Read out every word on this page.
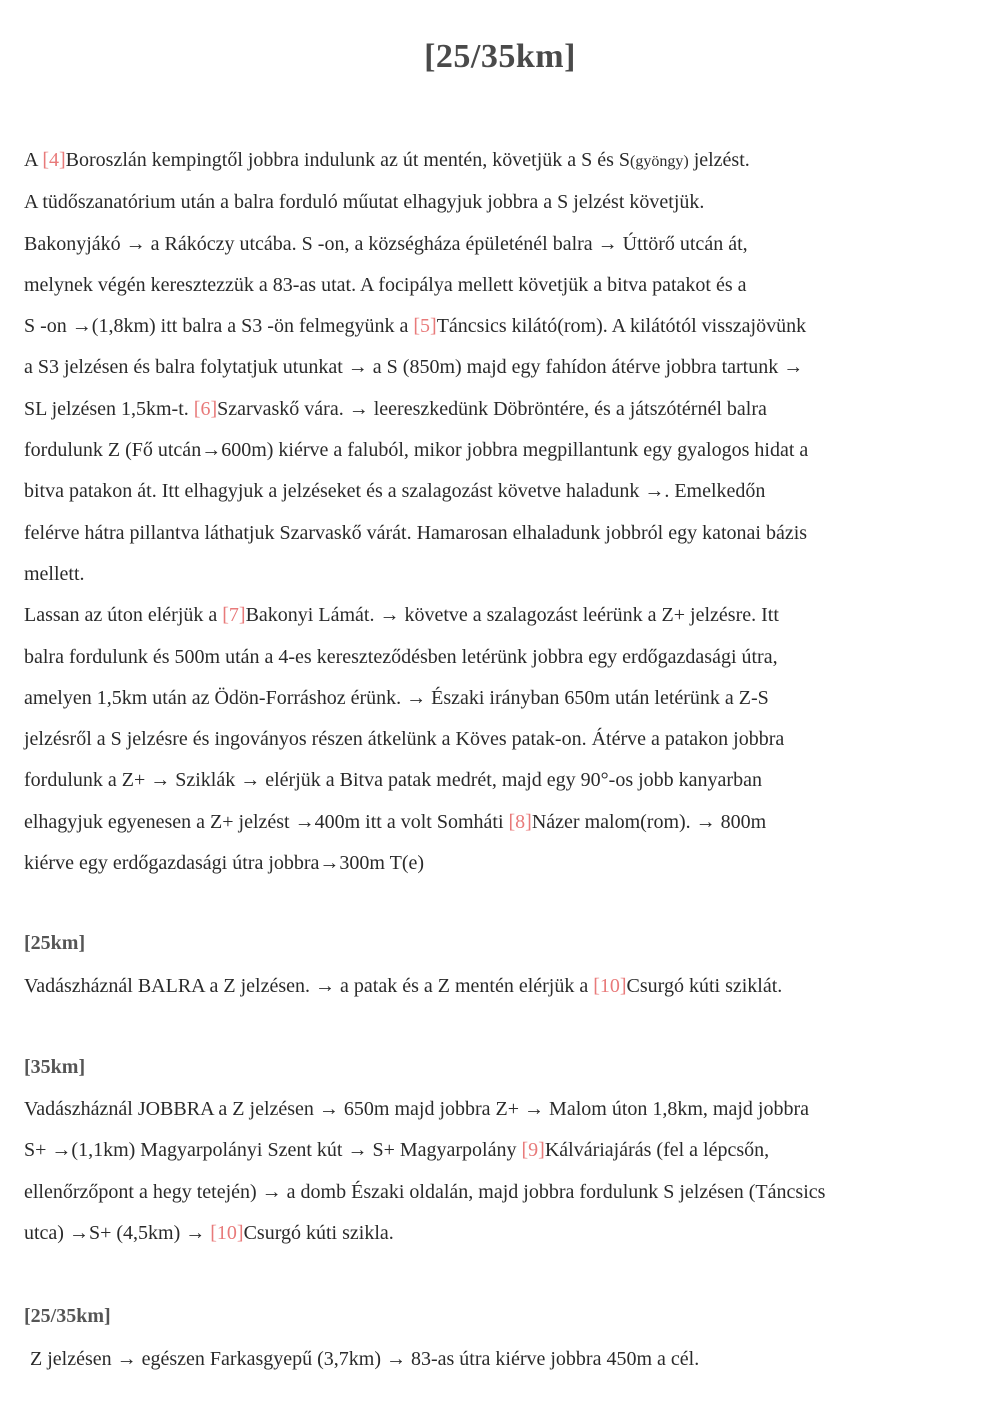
[25/35km]

A [4]Boroszlán kempingtől jobbra indulunk az út mentén, követjük a S és S(gyöngy) jelzést.
A tüdőszanatórium után a balra forduló műutat elhagyjuk jobbra a S jelzést követjük.
Bakonyjákó → a Rákóczy utcába. S -on, a községháza épületénél balra → Úttörő utcán át,
melynek végén keresztezzük a 83-as utat. A focipálya mellett követjük a bitva patakot és a
S -on →(1,8km) itt balra a S3 -ön felmegyünk a [5]Táncsics kilátó(rom). A kilátótól visszajövünk
a S3 jelzésen és balra folytatjuk utunkat → a S (850m) majd egy fahídon átérve jobbra tartunk →
SL jelzésen 1,5km-t. [6]Szarvaskő vára. → leereszkedünk Döbröntére, és a játszótérnél balra
fordulunk Z (Fő utcán→600m) kiérve a faluból, mikor jobbra megpillantunk egy gyalogos hidat a
bitva patakon át. Itt elhagyjuk a jelzéseket és a szalagozást követve haladunk →. Emelkedőn
felérve hátra pillantva láthatjuk Szarvaskő várát. Hamarosan elhaladunk jobbról egy katonai bázis
mellett.

Lassan az úton elérjük a [7]Bakonyi Lámát. → követve a szalagozást leérünk a Z+ jelzésre. Itt
balra fordulunk és 500m után a 4-es kereszteződésben letérünk jobbra egy erdőgazdasági útra,
amelyen 1,5km után az Ödön-Forráshoz érünk. → Északi irányban 650m után letérünk a Z-S
jelzésről a S jelzésre és ingoványos részen átkelünk a Köves patak-on. Átérve a patakon jobbra
fordulunk a Z+ → Sziklák → elérjük a Bitva patak medrét, majd egy 90°-os jobb kanyarban
elhagyjuk egyenesen a Z+ jelzést →400m itt a volt Somháti [8]Názer malom(rom). → 800m
kiérve egy erdőgazdasági útra jobbra→300m T(e)

[25km]
Vadászháznál BALRA a Z jelzésen. → a patak és a Z mentén elérjük a [10]Csurgó kúti sziklát.
[35km]
Vadászháznál JOBBRA a Z jelzésen → 650m majd jobbra Z+ → Malom úton 1,8km, majd jobbra
S+ →(1,1km) Magyarpolányi Szent kút → S+ Magyarpolány [9]Kálváriajárás (fel a lépcsőn,
ellenőrzőpont a hegy tetején) → a domb Északi oldalán, majd jobbra fordulunk S jelzésen (Táncsics
utca) →S+ (4,5km) → [10]Csurgó kúti szikla.
[25/35km]
Z jelzésen → egészen Farkasgyepű (3,7km) → 83-as útra kiérve jobbra 450m a cél.
